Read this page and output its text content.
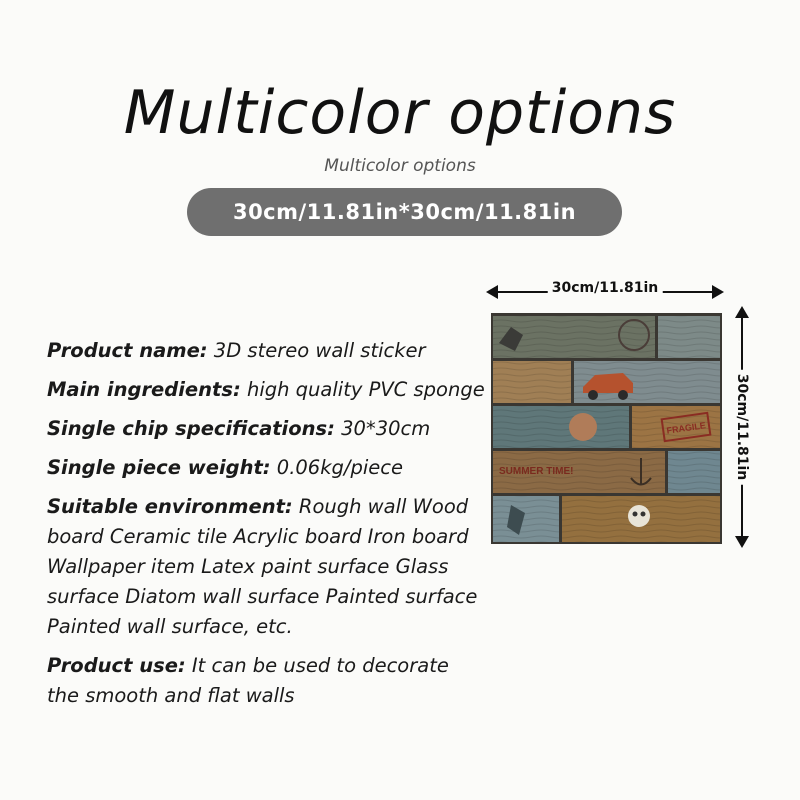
Multicolor options
Multicolor options
30cm/11.81in*30cm/11.81in
Product name: 3D stereo wall sticker
Main ingredients: high quality PVC sponge
Single chip specifications: 30*30cm
Single piece weight: 0.06kg/piece
Suitable environment: Rough wall Wood board Ceramic tile Acrylic board Iron board Wallpaper item Latex paint surface Glass surface Diatom wall surface Painted surface Painted wall surface, etc.
Product use: It can be used to decorate the smooth and flat walls
30cm/11.81in
30cm/11.81in
FRAGILE
SUMMER TIME!
